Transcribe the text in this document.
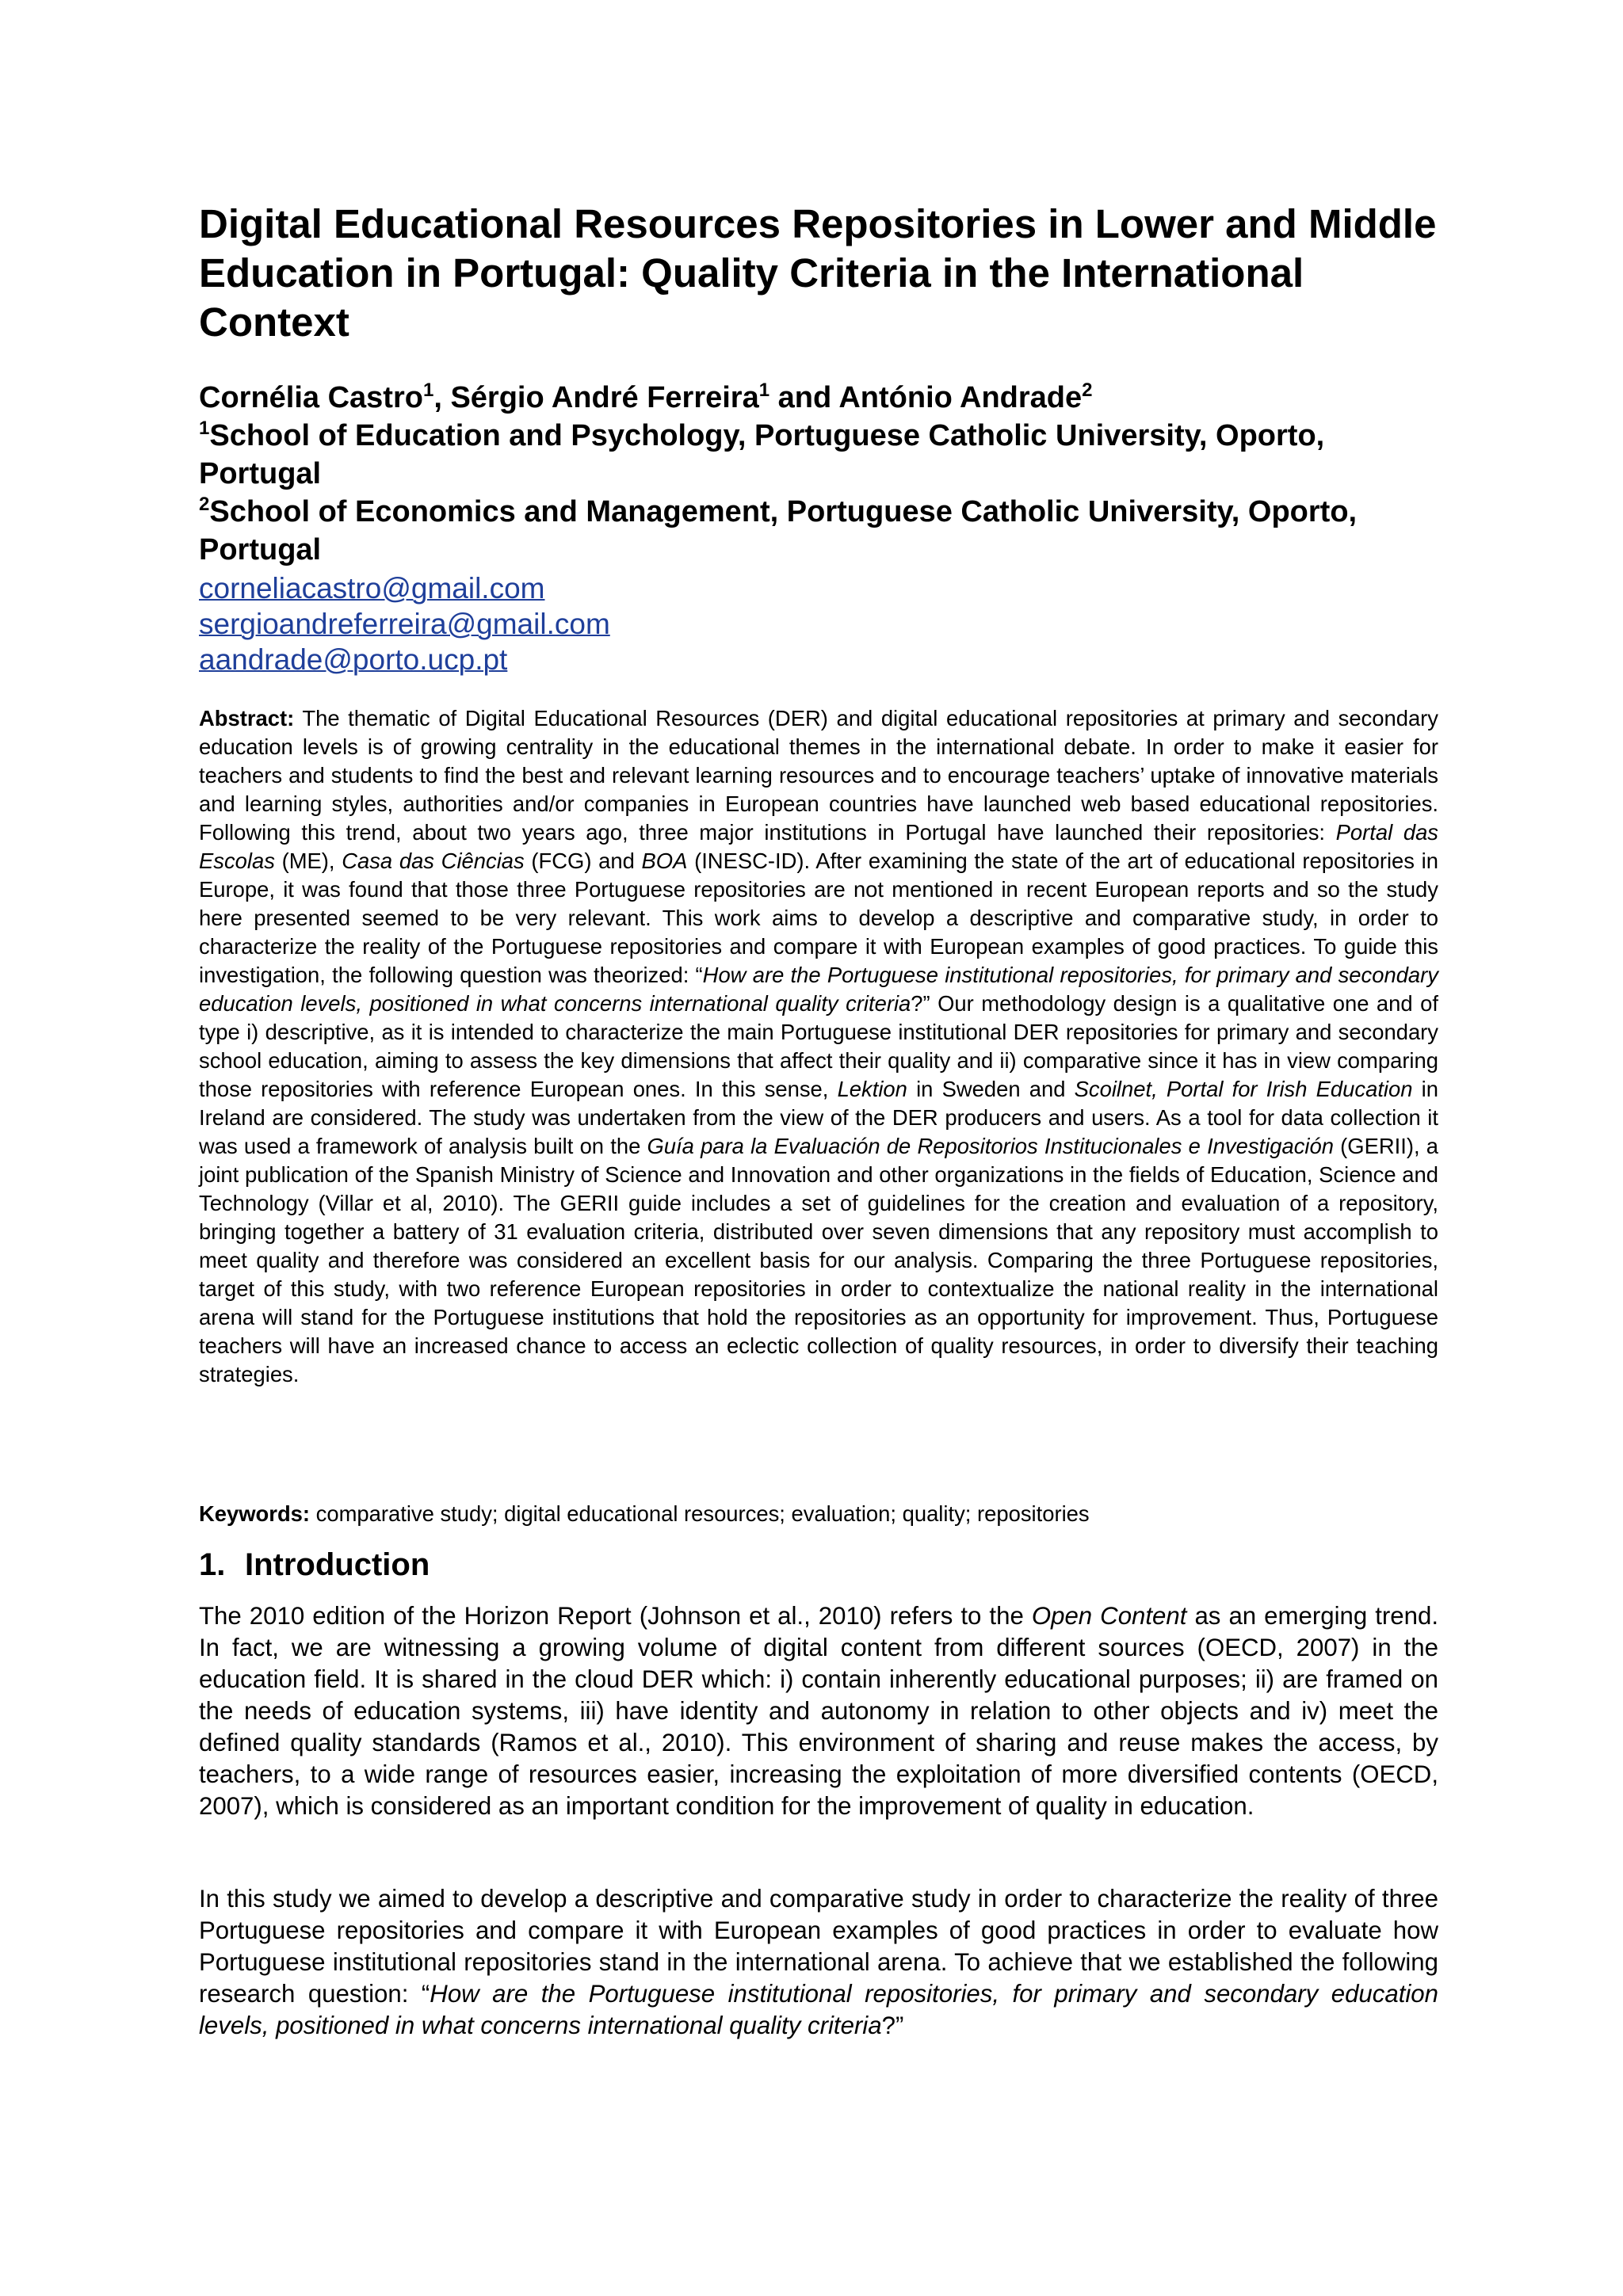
Digital Educational Resources Repositories in Lower and Middle Education in Portugal: Quality Criteria in the International Context
Cornélia Castro$^1$, Sérgio André Ferreira$^1$ and António Andrade$^2$
$^1$School of Education and Psychology, Portuguese Catholic University, Oporto, Portugal
$^2$School of Economics and Management, Portuguese Catholic University, Oporto, Portugal
corneliacastro@gmail.com
sergioandreferreira@gmail.com
aandrade@porto.ucp.pt

Abstract: The thematic of Digital Educational Resources (DER) and digital educational repositories at primary and secondary education levels is of growing centrality in the educational themes in the international debate. In order to make it easier for teachers and students to find the best and relevant learning resources and to encourage teachers’ uptake of innovative materials and learning styles, authorities and/or companies in European countries have launched web based educational repositories. Following this trend, about two years ago, three major institutions in Portugal have launched their repositories: Portal das Escolas (ME), Casa das Ciências (FCG) and BOA (INESC-ID). After examining the state of the art of educational repositories in Europe, it was found that those three Portuguese repositories are not mentioned in recent European reports and so the study here presented seemed to be very relevant. This work aims to develop a descriptive and comparative study, in order to characterize the reality of the Portuguese repositories and compare it with European examples of good practices. To guide this investigation, the following question was theorized: “How are the Portuguese institutional repositories, for primary and secondary education levels, positioned in what concerns international quality criteria?” Our methodology design is a qualitative one and of type i) descriptive, as it is intended to characterize the main Portuguese institutional DER repositories for primary and secondary school education, aiming to assess the key dimensions that affect their quality and ii) comparative since it has in view comparing those repositories with reference European ones. In this sense, Lektion in Sweden and Scoilnet, Portal for Irish Education in Ireland are considered. The study was undertaken from the view of the DER producers and users. As a tool for data collection it was used a framework of analysis built on the Guía para la Evaluación de Repositorios Institucionales e Investigación (GERII), a joint publication of the Spanish Ministry of Science and Innovation and other organizations in the fields of Education, Science and Technology (Villar et al, 2010). The GERII guide includes a set of guidelines for the creation and evaluation of a repository, bringing together a battery of 31 evaluation criteria, distributed over seven dimensions that any repository must accomplish to meet quality and therefore was considered an excellent basis for our analysis. Comparing the three Portuguese repositories, target of this study, with two reference European repositories in order to contextualize the national reality in the international arena will stand for the Portuguese institutions that hold the repositories as an opportunity for improvement. Thus, Portuguese teachers will have an increased chance to access an eclectic collection of quality resources, in order to diversify their teaching strategies.

Keywords: comparative study; digital educational resources; evaluation; quality; repositories

1. Introduction

The 2010 edition of the Horizon Report (Johnson et al., 2010) refers to the Open Content as an emerging trend. In fact, we are witnessing a growing volume of digital content from different sources (OECD, 2007) in the education field. It is shared in the cloud DER which: i) contain inherently educational purposes; ii) are framed on the needs of education systems, iii) have identity and autonomy in relation to other objects and iv) meet the defined quality standards (Ramos et al., 2010). This environment of sharing and reuse makes the access, by teachers, to a wide range of resources easier, increasing the exploitation of more diversified contents (OECD, 2007), which is considered as an important condition for the improvement of quality in education.

In this study we aimed to develop a descriptive and comparative study in order to characterize the reality of three Portuguese repositories and compare it with European examples of good practices in order to evaluate how Portuguese institutional repositories stand in the international arena. To achieve that we established the following research question: “How are the Portuguese institutional repositories, for primary and secondary education levels, positioned in what concerns international quality criteria?”
